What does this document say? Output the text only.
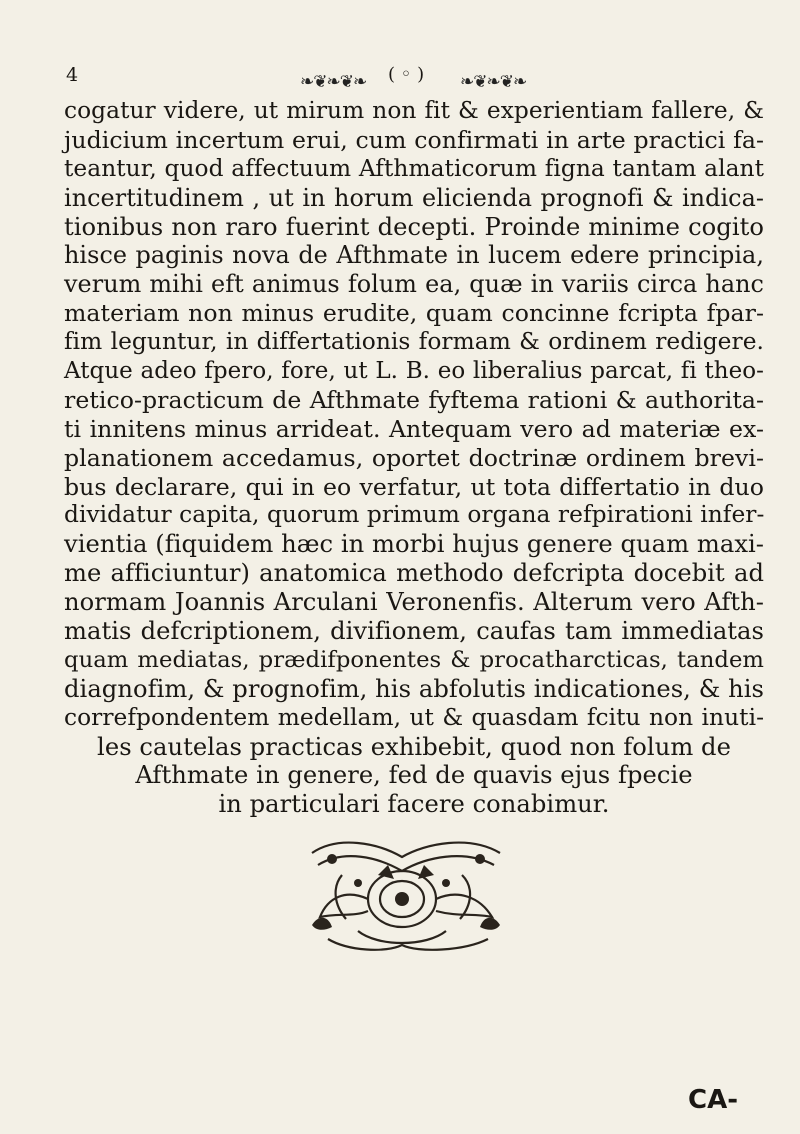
4	❧❦❧❦❧ ( ◦ ) ❧❦❧❦❧
cogatur videre, ut mirum non fit & experientiam fallere, &
judicium incertum erui, cum confirmati in arte practici fa-
teantur, quod affectuum Afthmaticorum figna tantam alant
incertitudinem , ut in horum elicienda prognofi & indica-
tionibus non raro fuerint decepti. Proinde minime cogito
hisce paginis nova de Afthmate in lucem edere principia,
verum mihi eft animus folum ea, quæ in variis circa hanc
materiam non minus erudite, quam concinne fcripta fpar-
fim leguntur, in differtationis formam & ordinem redigere.
Atque adeo fpero, fore, ut L. B. eo liberalius parcat, fi theo-
retico-practicum de Afthmate fyftema rationi & authorita-
ti innitens minus arrideat. Antequam vero ad materiæ ex-
planationem accedamus, oportet doctrinæ ordinem brevi-
bus declarare, qui in eo verfatur, ut tota differtatio in duo
dividatur capita, quorum primum organa refpirationi infer-
vientia (fiquidem hæc in morbi hujus genere quam maxi-
me afficiuntur) anatomica methodo defcripta docebit ad
normam Joannis Arculani Veronenfis. Alterum vero Afth-
matis defcriptionem, divifionem, caufas tam immediatas
quam mediatas, prædifponentes & procatharcticas, tandem
diagnofim, & prognofim, his abfolutis indicationes, & his
correfpondentem medellam, ut & quasdam fcitu non inuti-
les cautelas practicas exhibebit, quod non folum de
Afthmate in genere, fed de quavis ejus fpecie
in particulari facere conabimur.
CA-
